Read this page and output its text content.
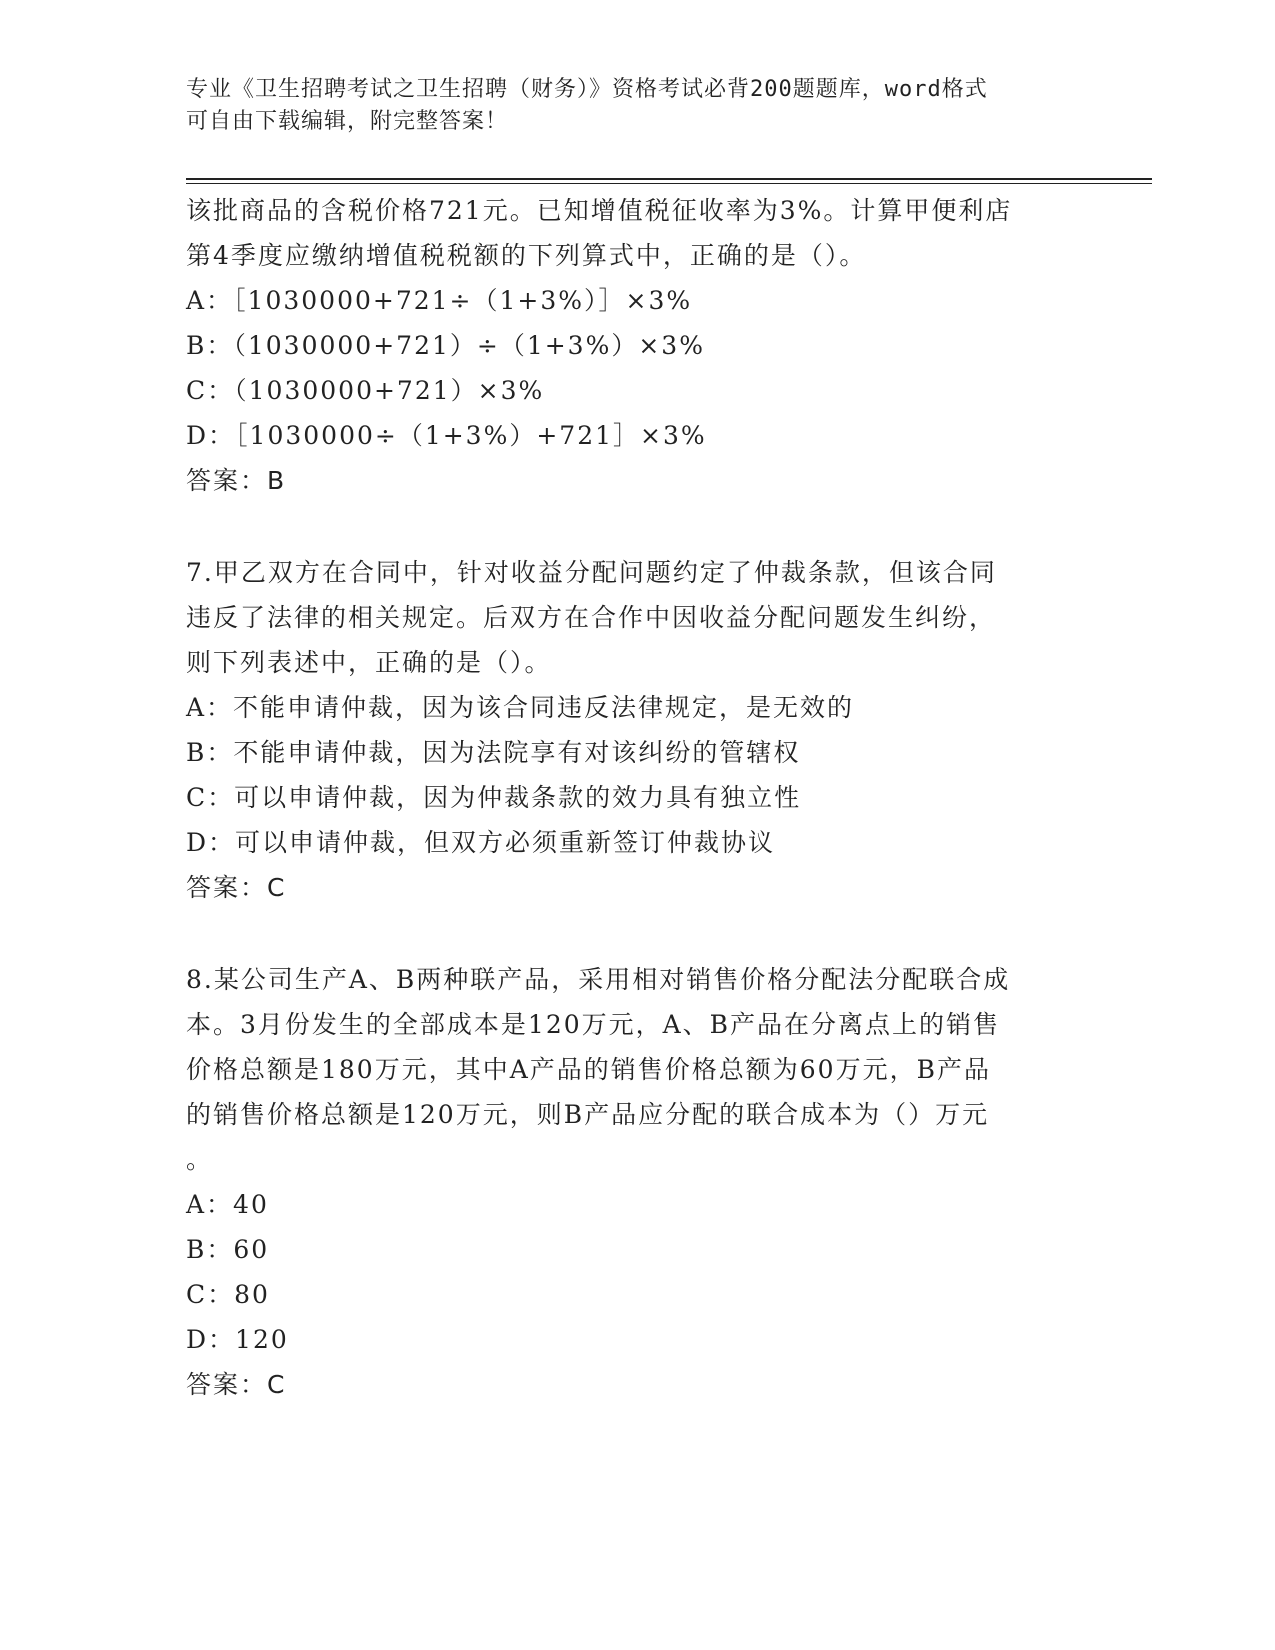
专业《卫生招聘考试之卫生招聘（财务）》资格考试必背200题题库，word格式
可自由下载编辑，附完整答案！
该批商品的含税价格721元。已知增值税征收率为3%。计算甲便利店
第4季度应缴纳增值税税额的下列算式中，正确的是（）。
A：［1030000+721÷（1+3%）］×3%
B：（1030000+721）÷（1+3%）×3%
C：（1030000+721）×3%
D：［1030000÷（1+3%）+721］×3%
答案：B
7.甲乙双方在合同中，针对收益分配问题约定了仲裁条款，但该合同
违反了法律的相关规定。后双方在合作中因收益分配问题发生纠纷，
则下列表述中，正确的是（）。
A：不能申请仲裁，因为该合同违反法律规定，是无效的
B：不能申请仲裁，因为法院享有对该纠纷的管辖权
C：可以申请仲裁，因为仲裁条款的效力具有独立性
D：可以申请仲裁，但双方必须重新签订仲裁协议
答案：C
8.某公司生产A、B两种联产品，采用相对销售价格分配法分配联合成
本。3月份发生的全部成本是120万元，A、B产品在分离点上的销售
价格总额是180万元，其中A产品的销售价格总额为60万元，B产品
的销售价格总额是120万元，则B产品应分配的联合成本为（）万元
。
A：40
B：60
C：80
D：120
答案：C
